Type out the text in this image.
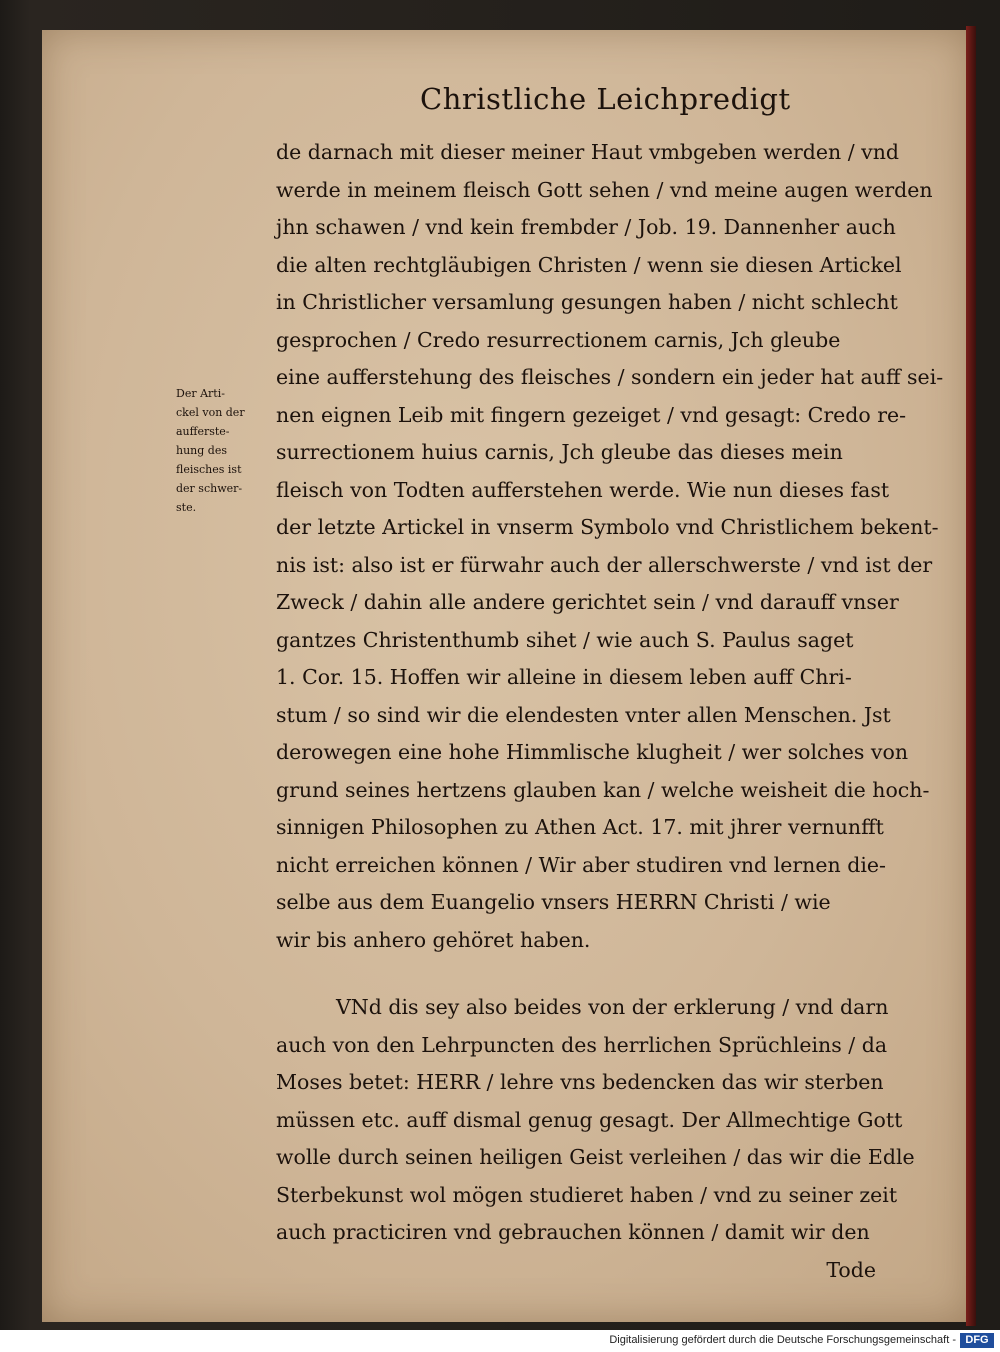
Christliche Leichpredigt
Der Arti-
ckel von der
aufferste-
hung des
fleisches ist
der schwer-
ste.
de darnach mit dieser meiner Haut vmbgeben werden / vnd
werde in meinem fleisch Gott sehen / vnd meine augen werden
jhn schawen / vnd kein frembder / Job. 19. Dannenher auch
die alten rechtgläubigen Christen / wenn sie diesen Artickel
in Christlicher versamlung gesungen haben / nicht schlecht
gesprochen / Credo resurrectionem carnis, Jch gleube
eine aufferstehung des fleisches / sondern ein jeder hat auff sei-
nen eignen Leib mit fingern gezeiget / vnd gesagt: Credo re-
surrectionem huius carnis, Jch gleube das dieses mein
fleisch von Todten aufferstehen werde. Wie nun dieses fast
der letzte Artickel in vnserm Symbolo vnd Christlichem bekent-
nis ist: also ist er fürwahr auch der allerschwerste / vnd ist der
Zweck / dahin alle andere gerichtet sein / vnd darauff vnser
gantzes Christenthumb sihet / wie auch S. Paulus saget
1. Cor. 15. Hoffen wir alleine in diesem leben auff Chri-
stum / so sind wir die elendesten vnter allen Menschen. Jst
derowegen eine hohe Himmlische klugheit / wer solches von
grund seines hertzens glauben kan / welche weisheit die hoch-
sinnigen Philosophen zu Athen Act. 17. mit jhrer vernunfft
nicht erreichen können / Wir aber studiren vnd lernen die-
selbe aus dem Euangelio vnsers HERRN Christi / wie
wir bis anhero gehöret haben.
VNd dis sey also beides von der erklerung / vnd darn
auch von den Lehrpuncten des herrlichen Sprüchleins / da
Moses betet: HERR / lehre vns bedencken das wir sterben
müssen etc. auff dismal genug gesagt. Der Allmechtige Gott
wolle durch seinen heiligen Geist verleihen / das wir die Edle
Sterbekunst wol mögen studieret haben / vnd zu seiner zeit
auch practiciren vnd gebrauchen können / damit wir den
Tode
Digitalisierung gefördert durch die Deutsche Forschungsgemeinschaft - DFG
